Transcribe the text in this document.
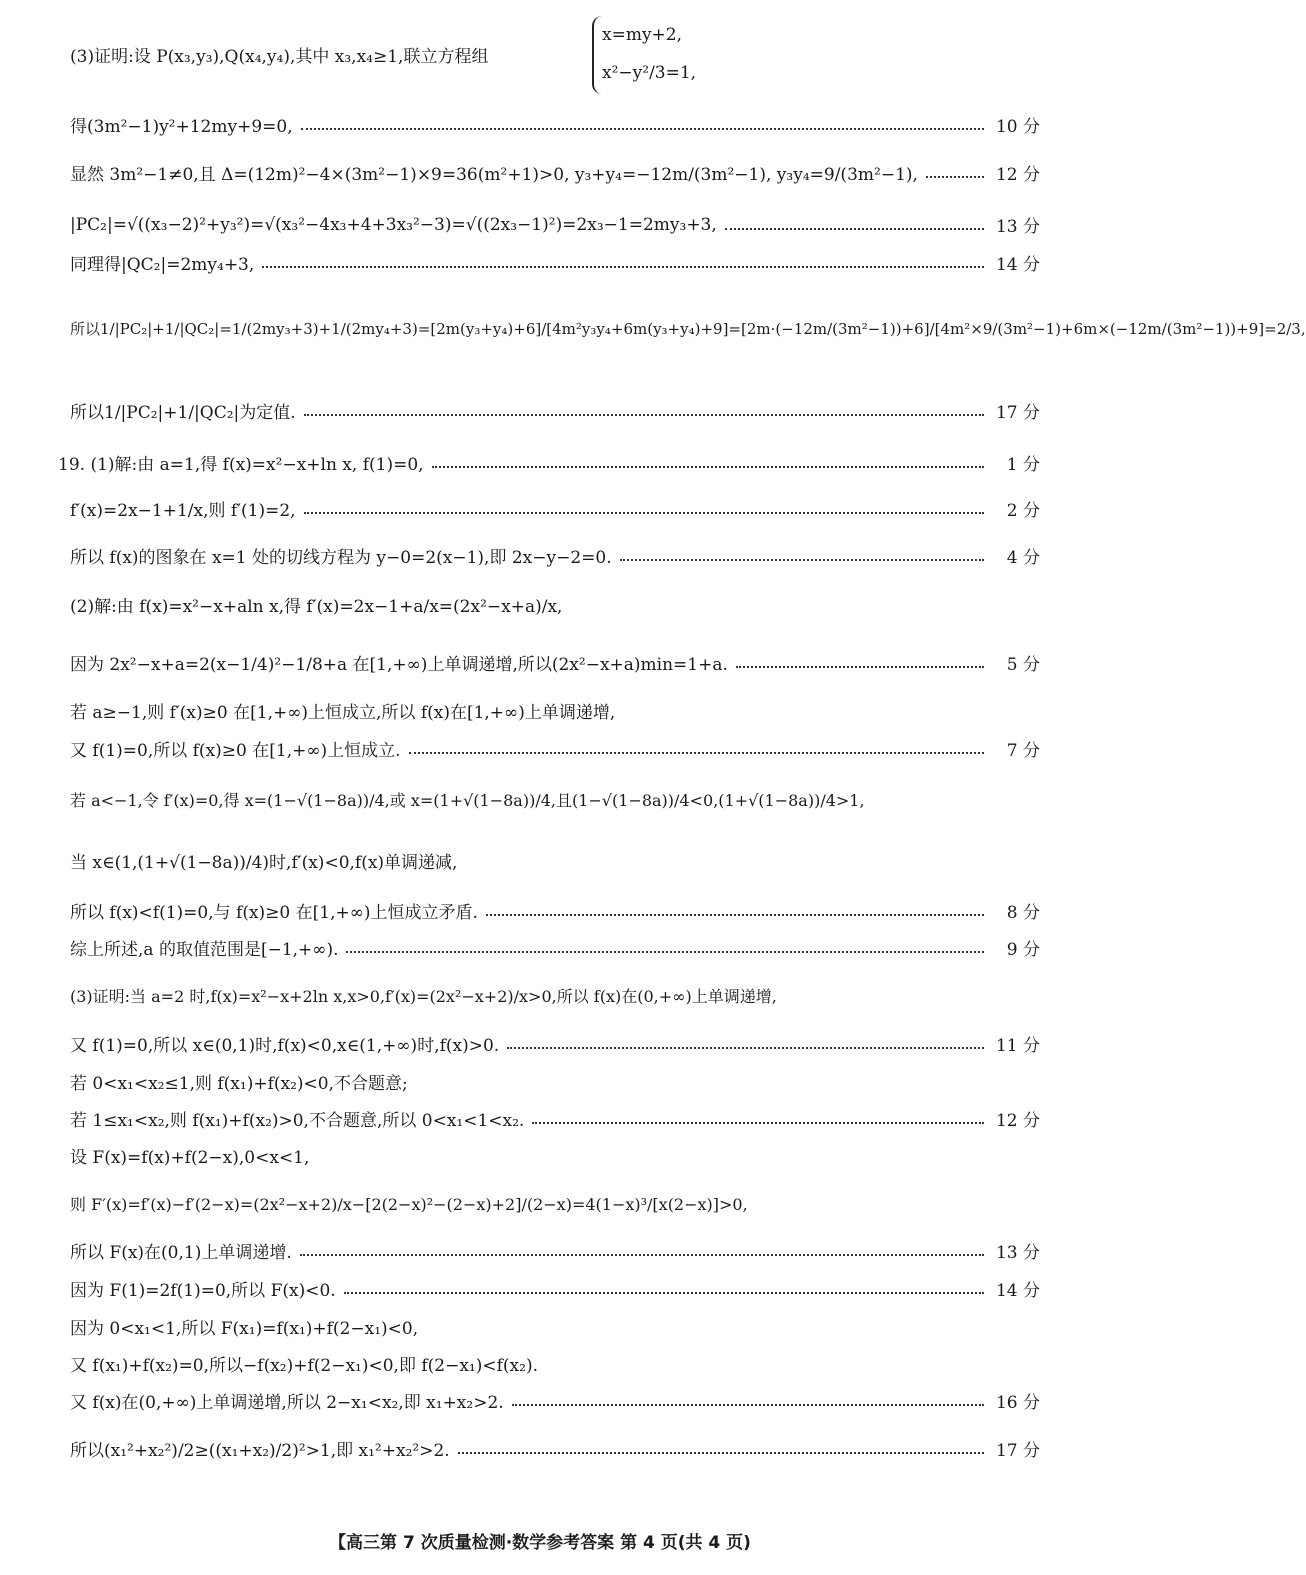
(3)证明:设 P(x₃,y₃),Q(x₄,y₄),其中 x₃,x₄≥1,联立方程组
x=my+2,
x²−y²/3=1,
得(3m²−1)y²+12my+9=0,	10 分
显然 3m²−1≠0,且 Δ=(12m)²−4×(3m²−1)×9=36(m²+1)>0, y₃+y₄=−12m/(3m²−1), y₃y₄=9/(3m²−1),	12 分
|PC₂|=√((x₃−2)²+y₃²)=√(x₃²−4x₃+4+3x₃²−3)=√((2x₃−1)²)=2x₃−1=2my₃+3,	13 分
同理得|QC₂|=2my₄+3,	14 分
所以1/|PC₂|+1/|QC₂|=1/(2my₃+3)+1/(2my₄+3)=[2m(y₃+y₄)+6]/[4m²y₃y₄+6m(y₃+y₄)+9]=[2m·(−12m/(3m²−1))+6]/[4m²×9/(3m²−1)+6m×(−12m/(3m²−1))+9]=2/3,
所以1/|PC₂|+1/|QC₂|为定值.	17 分
19. (1)解:由 a=1,得 f(x)=x²−x+ln x, f(1)=0,	1 分
f′(x)=2x−1+1/x,则 f′(1)=2,	2 分
所以 f(x)的图象在 x=1 处的切线方程为 y−0=2(x−1),即 2x−y−2=0.	4 分
(2)解:由 f(x)=x²−x+aln x,得 f′(x)=2x−1+a/x=(2x²−x+a)/x,
因为 2x²−x+a=2(x−1/4)²−1/8+a 在[1,+∞)上单调递增,所以(2x²−x+a)min=1+a.	5 分
若 a≥−1,则 f′(x)≥0 在[1,+∞)上恒成立,所以 f(x)在[1,+∞)上单调递增,
又 f(1)=0,所以 f(x)≥0 在[1,+∞)上恒成立.	7 分
若 a<−1,令 f′(x)=0,得 x=(1−√(1−8a))/4,或 x=(1+√(1−8a))/4,且(1−√(1−8a))/4<0,(1+√(1−8a))/4>1,
当 x∈(1,(1+√(1−8a))/4)时,f′(x)<0,f(x)单调递减,
所以 f(x)<f(1)=0,与 f(x)≥0 在[1,+∞)上恒成立矛盾.	8 分
综上所述,a 的取值范围是[−1,+∞).	9 分
(3)证明:当 a=2 时,f(x)=x²−x+2ln x,x>0,f′(x)=(2x²−x+2)/x>0,所以 f(x)在(0,+∞)上单调递增,
又 f(1)=0,所以 x∈(0,1)时,f(x)<0,x∈(1,+∞)时,f(x)>0.	11 分
若 0<x₁<x₂≤1,则 f(x₁)+f(x₂)<0,不合题意;
若 1≤x₁<x₂,则 f(x₁)+f(x₂)>0,不合题意,所以 0<x₁<1<x₂.	12 分
设 F(x)=f(x)+f(2−x),0<x<1,
则 F′(x)=f′(x)−f′(2−x)=(2x²−x+2)/x−[2(2−x)²−(2−x)+2]/(2−x)=4(1−x)³/[x(2−x)]>0,
所以 F(x)在(0,1)上单调递增.	13 分
因为 F(1)=2f(1)=0,所以 F(x)<0.	14 分
因为 0<x₁<1,所以 F(x₁)=f(x₁)+f(2−x₁)<0,
又 f(x₁)+f(x₂)=0,所以−f(x₂)+f(2−x₁)<0,即 f(2−x₁)<f(x₂).
又 f(x)在(0,+∞)上单调递增,所以 2−x₁<x₂,即 x₁+x₂>2.	16 分
所以(x₁²+x₂²)/2≥((x₁+x₂)/2)²>1,即 x₁²+x₂²>2.	17 分
【高三第 7 次质量检测·数学参考答案 第 4 页(共 4 页)
